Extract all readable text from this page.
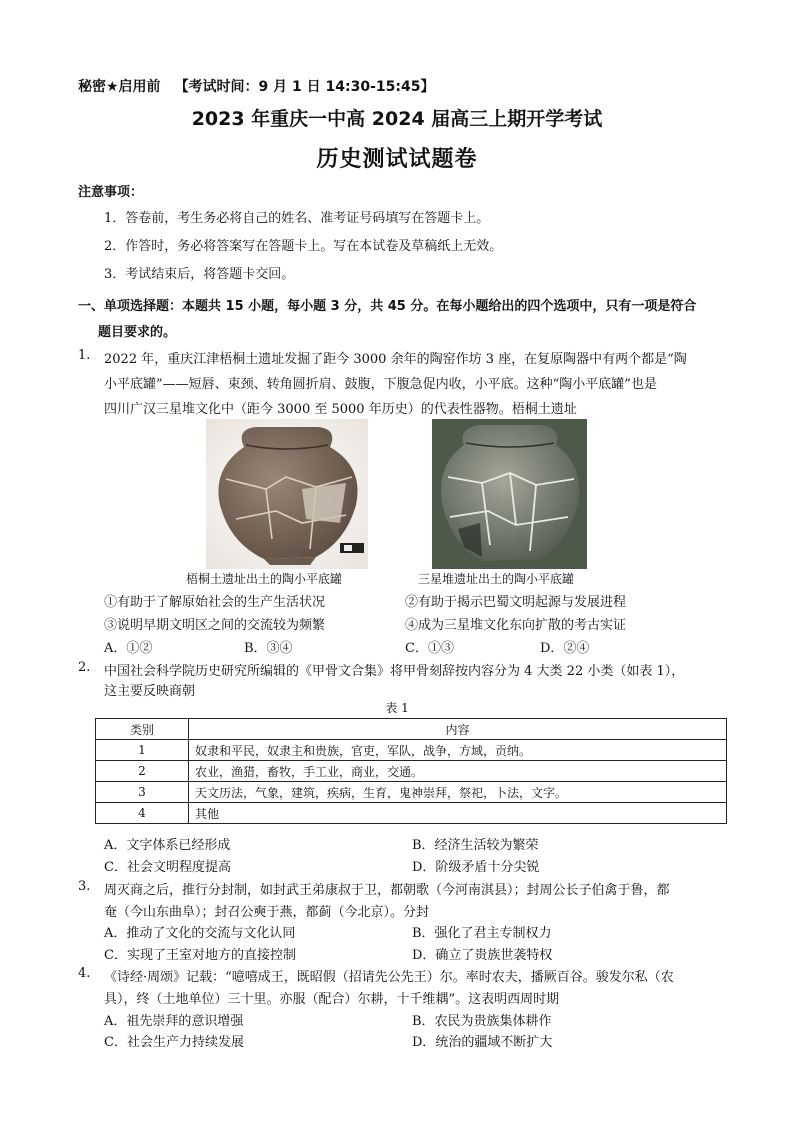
秘密★启用前 【考试时间：9 月 1 日 14:30-15:45】
2023 年重庆一中高 2024 届高三上期开学考试
历史测试试题卷
注意事项：
1．答卷前，考生务必将自己的姓名、准考证号码填写在答题卡上。
2．作答时，务必将答案写在答题卡上。写在本试卷及草稿纸上无效。
3．考试结束后，将答题卡交回。
一、单项选择题：本题共 15 小题，每小题 3 分，共 45 分。在每小题给出的四个选项中，只有一项是符合
题目要求的。
1. 2022 年，重庆江津梧桐土遗址发掘了距今 3000 余年的陶窑作坊 3 座，在复原陶器中有两个都是“陶
小平底罐”——短唇、束颈、转角圆折肩、鼓腹，下腹急促内收，小平底。这种“陶小平底罐”也是
四川广汉三星堆文化中（距今 3000 至 5000 年历史）的代表性器物。梧桐土遗址
梧桐土遗址出土的陶小平底罐	三星堆遗址出土的陶小平底罐
①有助于了解原始社会的生产生活状况	②有助于揭示巴蜀文明起源与发展进程
③说明早期文明区之间的交流较为频繁	④成为三星堆文化东向扩散的考古实证
A．①②	B．③④	C．①③	D．②④
2. 中国社会科学院历史研究所编辑的《甲骨文合集》将甲骨刻辞按内容分为 4 大类 22 小类（如表 1），
这主要反映商朝
表 1
类别	内容
1	奴隶和平民，奴隶主和贵族，官吏，军队，战争，方域，贡纳。
2	农业，渔猎，畜牧，手工业，商业，交通。
3	天文历法，气象，建筑，疾病，生育，鬼神崇拜，祭祀，卜法，文字。
4	其他
A．文字体系已经形成	B．经济生活较为繁荣
C．社会文明程度提高	D．阶级矛盾十分尖锐
3. 周灭商之后，推行分封制，如封武王弟康叔于卫，都朝歌（今河南淇县）；封周公长子伯禽于鲁，都
奄（今山东曲阜）；封召公奭于燕，都蓟（今北京）。分封
A．推动了文化的交流与文化认同	B．强化了君主专制权力
C．实现了王室对地方的直接控制	D．确立了贵族世袭特权
4. 《诗经·周颂》记载：“噫嘻成王，既昭假（招请先公先王）尔。率时农夫，播厥百谷。骏发尔私（农
具），终（土地单位）三十里。亦服（配合）尔耕，十千维耦”。这表明西周时期
A．祖先崇拜的意识增强	B．农民为贵族集体耕作
C．社会生产力持续发展	D．统治的疆域不断扩大
